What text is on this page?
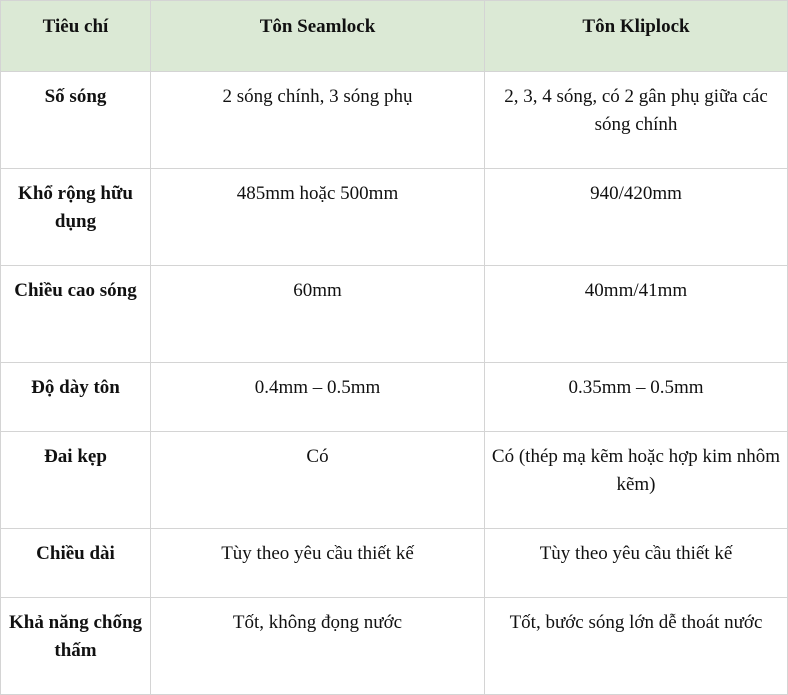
Tiêu chí	Tôn Seamlock	Tôn Kliplock
Số sóng	2 sóng chính, 3 sóng phụ	2, 3, 4 sóng, có 2 gân phụ giữa các sóng chính
Khổ rộng hữu dụng	485mm hoặc 500mm	940/420mm
Chiều cao sóng	60mm	40mm/41mm
Độ dày tôn	0.4mm – 0.5mm	0.35mm – 0.5mm
Đai kẹp	Có	Có (thép mạ kẽm hoặc hợp kim nhôm kẽm)
Chiều dài	Tùy theo yêu cầu thiết kế	Tùy theo yêu cầu thiết kế
Khả năng chống thấm	Tốt, không đọng nước	Tốt, bước sóng lớn dễ thoát nước
